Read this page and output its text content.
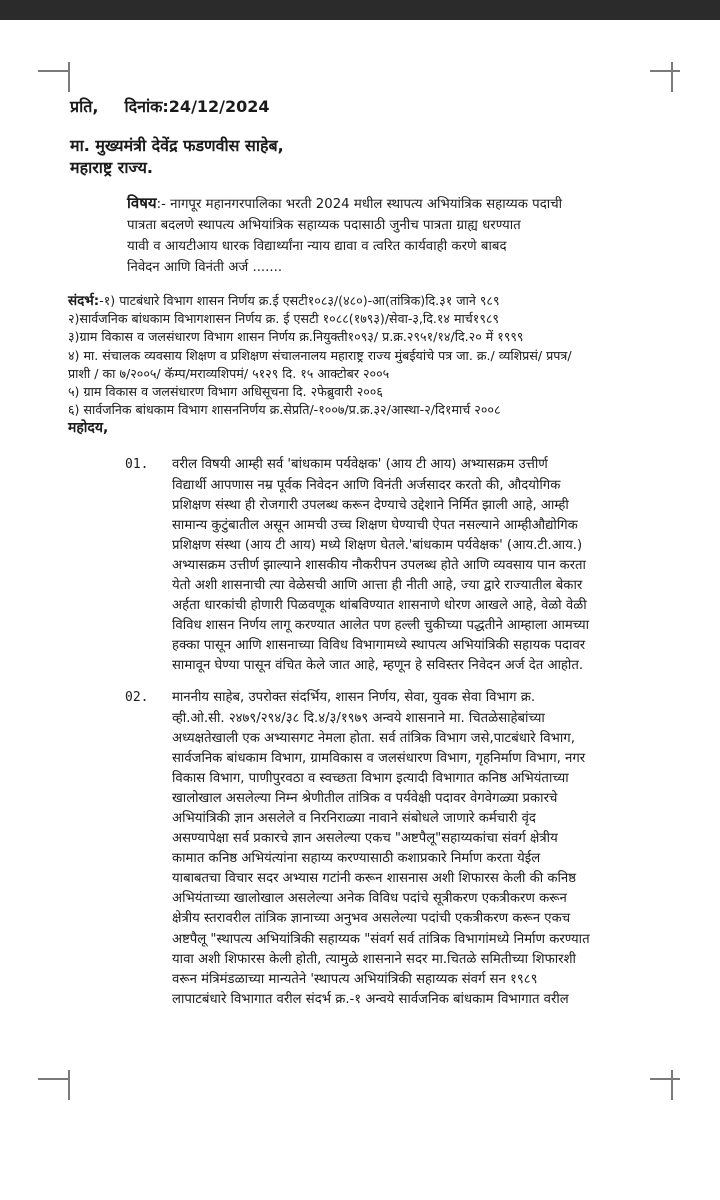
प्रति, दिनांक:24/12/2024
मा. मुख्यमंत्री देवेंद्र फडणवीस साहेब,
महाराष्ट्र राज्य.
विषय:- नागपूर महानगरपालिका भरती 2024 मधील स्थापत्य अभियांत्रिक सहाय्यक पदाची
पात्रता बदलणे स्थापत्य अभियांत्रिक सहाय्यक पदासाठी जुनीच पात्रता ग्राह्य धरण्यात
यावी व आयटीआय धारक विद्यार्थ्यांना न्याय द्यावा व त्वरित कार्यवाही करणे बाबद
निवेदन आणि विनंती अर्ज .......
संदर्भ:-१) पाटबंधारे विभाग शासन निर्णय क्र.ई एसटी१०८३/(४८०)-आ(तांत्रिक)दि.३१ जाने ९८९
२)सार्वजनिक बांधकाम विभागशासन निर्णय क्र. ई एसटी १०८८(१७९३)/सेवा-३,दि.१४ मार्च१९८९
३)ग्राम विकास व जलसंधारण विभाग शासन निर्णय क्र.नियुक्ती१०९३/ प्र.क्र.२९५१/१४/दि.२० में १९९९
४) मा. संचालक व्यवसाय शिक्षण व प्रशिक्षण संचालनालय महाराष्ट्र राज्य मुंबईयांचे पत्र जा. क्र./ व्यशिप्रसं/ प्रपत्र/
प्राशी / का ७/२००५/ कॅम्प/मराव्यशिपमं/ ५१२९ दि. १५ आक्टोबर २००५
५) ग्राम विकास व जलसंधारण विभाग अधिसूचना दि. २फेब्रुवारी २००६
६) सार्वजनिक बांधकाम विभाग शासननिर्णय क्र.सेप्रति/-१००७/प्र.क्र.३२/आस्था-२/दि१मार्च २००८
महोदय,
01. वरील विषयी आम्ही सर्व 'बांधकाम पर्यवेक्षक' (आय टी आय) अभ्यासक्रम उत्तीर्ण
विद्यार्थी आपणास नम्र पूर्वक निवेदन आणि विनंती अर्जसादर करतो की, औदयोगिक
प्रशिक्षण संस्था ही रोजगारी उपलब्ध करून देण्याचे उद्देशाने निर्मित झाली आहे, आम्ही
सामान्य कुटुंबातील असून आमची उच्च शिक्षण घेण्याची ऐपत नसल्याने आम्हीऔद्योगिक
प्रशिक्षण संस्था (आय टी आय) मध्ये शिक्षण घेतले.'बांधकाम पर्यवेक्षक' (आय.टी.आय.)
अभ्यासक्रम उत्तीर्ण झाल्याने शासकीय नौकरीपन उपलब्ध होते आणि व्यवसाय पान करता
येतो अशी शासनाची त्या वेळेसची आणि आत्ता ही नीती आहे, ज्या द्वारे राज्यातील बेकार
अर्हता धारकांची होणारी पिळवणूक थांबविण्यात शासनाणे धोरण आखले आहे, वेळो वेळी
विविध शासन निर्णय लागू करण्यात आलेत पण हल्ली चुकीच्या पद्धतीने आम्हाला आमच्या
हक्का पासून आणि शासनाच्या विविध विभागामध्ये स्थापत्य अभियांत्रिकी सहायक पदावर
सामावून घेण्या पासून वंचित केले जात आहे, म्हणून हे सविस्तर निवेदन अर्ज देत आहोत.
02. माननीय साहेब, उपरोक्त संदर्भिय, शासन निर्णय, सेवा, युवक सेवा विभाग क्र.
व्ही.ओ.सी. २४७९/२९४/३८ दि.४/३/१९७९ अन्वये शासनाने मा. चितळेसाहेबांच्या
अध्यक्षतेखाली एक अभ्यासगट नेमला होता. सर्व तांत्रिक विभाग जसे,पाटबंधारे विभाग,
सार्वजनिक बांधकाम विभाग, ग्रामविकास व जलसंधारण विभाग, गृहनिर्माण विभाग, नगर
विकास विभाग, पाणीपुरवठा व स्वच्छता विभाग इत्यादी विभागात कनिष्ठ अभियंताच्या
खालोखाल असलेल्या निम्न श्रेणीतील तांत्रिक व पर्यवेक्षी पदावर वेगवेगळ्या प्रकारचे
अभियांत्रिकी ज्ञान असलेले व निरनिराळ्या नावाने संबोधले जाणारे कर्मचारी वृंद
असण्यापेक्षा सर्व प्रकारचे ज्ञान असलेल्या एकच "अष्टपैलू"सहाय्यकांचा संवर्ग क्षेत्रीय
कामात कनिष्ठ अभियंत्यांना सहाय्य करण्यासाठी कशाप्रकारे निर्माण करता येईल
याबाबतचा विचार सदर अभ्यास गटांनी करून शासनास अशी शिफारस केली की कनिष्ठ
अभियंताच्या खालोखाल असलेल्या अनेक विविध पदांचे सूत्रीकरण एकत्रीकरण करून
क्षेत्रीय स्तरावरील तांत्रिक ज्ञानाच्या अनुभव असलेल्या पदांची एकत्रीकरण करून एकच
अष्टपैलू "स्थापत्य अभियांत्रिकी सहाय्यक "संवर्ग सर्व तांत्रिक विभागांमध्ये निर्माण करण्यात
यावा अशी शिफारस केली होती, त्यामुळे शासनाने सदर मा.चितळे समितीच्या शिफारशी
वरून मंत्रिमंडळाच्या मान्यतेने 'स्थापत्य अभियांत्रिकी सहाय्यक संवर्ग सन १९८९
लापाटबंधारे विभागात वरील संदर्भ क्र.-१ अन्वये सार्वजनिक बांधकाम विभागात वरील
